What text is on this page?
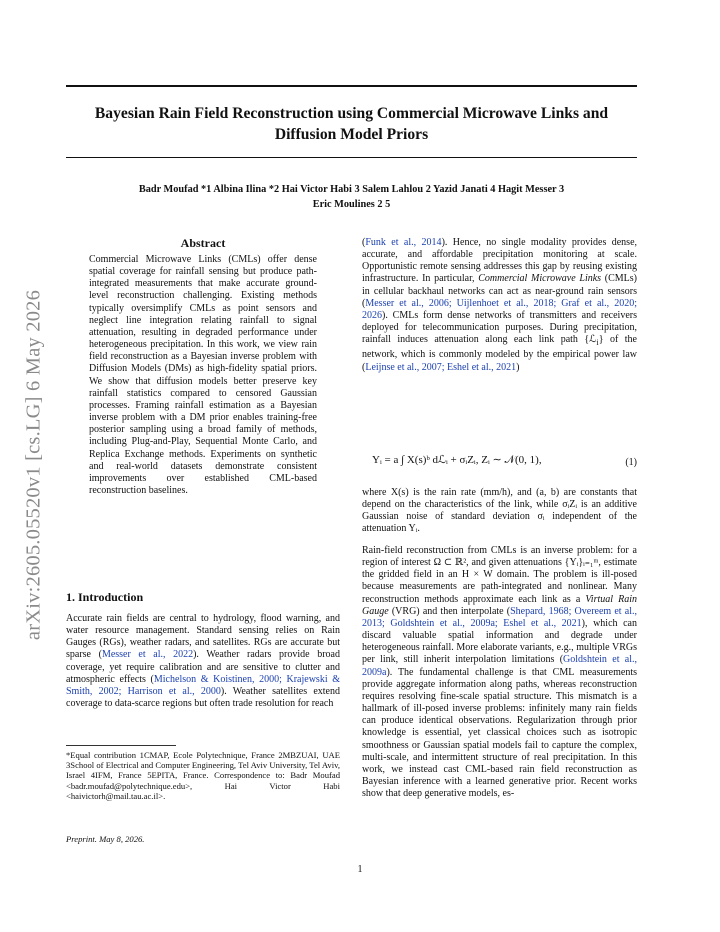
arXiv:2605.05520v1 [cs.LG] 6 May 2026
Bayesian Rain Field Reconstruction using Commercial Microwave Links and Diffusion Model Priors
Badr Moufad *1 Albina Ilina *2 Hai Victor Habi 3 Salem Lahlou 2 Yazid Janati 4 Hagit Messer 3
Eric Moulines 2 5
Abstract
Commercial Microwave Links (CMLs) offer dense spatial coverage for rainfall sensing but produce path-integrated measurements that make accurate ground-level reconstruction challenging. Existing methods typically oversimplify CMLs as point sensors and neglect line integration relating rainfall to signal attenuation, resulting in degraded performance under heterogeneous precipitation. In this work, we view rain field reconstruction as a Bayesian inverse problem with Diffusion Models (DMs) as high-fidelity spatial priors. We show that diffusion models better preserve key rainfall statistics compared to censored Gaussian processes. Framing rainfall estimation as a Bayesian inverse problem with a DM prior enables training-free posterior sampling using a broad family of methods, including Plug-and-Play, Sequential Monte Carlo, and Replica Exchange methods. Experiments on synthetic and real-world datasets demonstrate consistent improvements over established CML-based reconstruction baselines.
1. Introduction
Accurate rain fields are central to hydrology, flood warning, and water resource management. Standard sensing relies on Rain Gauges (RGs), weather radars, and satellites. RGs are accurate but sparse (Messer et al., 2022). Weather radars provide broad coverage, yet require calibration and are sensitive to clutter and atmospheric effects (Michelson & Koistinen, 2000; Krajewski & Smith, 2002; Harrison et al., 2000). Weather satellites extend coverage to data-scarce regions but often trade resolution for reach
*Equal contribution 1CMAP, Ecole Polytechnique, France 2MBZUAI, UAE 3School of Electrical and Computer Engineering, Tel Aviv University, Tel Aviv, Israel 4IFM, France 5EPITA, France. Correspondence to: Badr Moufad <badr.moufad@polytechnique.edu>, Hai Victor Habi <haivictorh@mail.tau.ac.il>.
Preprint. May 8, 2026.
(Funk et al., 2014). Hence, no single modality provides dense, accurate, and affordable precipitation monitoring at scale. Opportunistic remote sensing addresses this gap by reusing existing infrastructure. In particular, Commercial Microwave Links (CMLs) in cellular backhaul networks can act as near-ground rain sensors (Messer et al., 2006; Uijlenhoet et al., 2018; Graf et al., 2020; 2026). CMLs form dense networks of transmitters and receivers deployed for telecommunication purposes. During precipitation, rainfall induces attenuation along each link path {ℒ$_i$} of the network, which is commonly modeled by the empirical power law (Leijnse et al., 2007; Eshel et al., 2021)
Yᵢ = a ∫ X(s)ᵇ dℒᵢ + σᵢZᵢ, Zᵢ ∼ 𝒩(0, 1),	(1)
where X(s) is the rain rate (mm/h), and (a, b) are constants that depend on the characteristics of the link, while σᵢZᵢ is an additive Gaussian noise of standard deviation σᵢ independent of the attenuation Yᵢ.
Rain-field reconstruction from CMLs is an inverse problem: for a region of interest Ω ⊂ ℝ², and given attenuations {Yᵢ}ᵢ₌₁ᵐ, estimate the gridded field in an H × W domain. The problem is ill-posed because measurements are path-integrated and nonlinear. Many reconstruction methods approximate each link as a Virtual Rain Gauge (VRG) and then interpolate (Shepard, 1968; Overeem et al., 2013; Goldshtein et al., 2009a; Eshel et al., 2021), which can discard valuable spatial information and degrade under heterogeneous rainfall. More elaborate variants, e.g., multiple VRGs per link, still inherit interpolation limitations (Goldshtein et al., 2009a). The fundamental challenge is that CML measurements provide aggregate information along paths, whereas reconstruction requires resolving fine-scale spatial structure. This mismatch is a hallmark of ill-posed inverse problems: infinitely many rain fields can produce identical observations. Regularization through prior knowledge is essential, yet classical choices such as isotropic smoothness or Gaussian spatial models fail to capture the complex, multi-scale, and intermittent structure of real precipitation. In this work, we instead cast CML-based rain field reconstruction as Bayesian inference with a learned generative prior. Recent works show that deep generative models, es-
1
